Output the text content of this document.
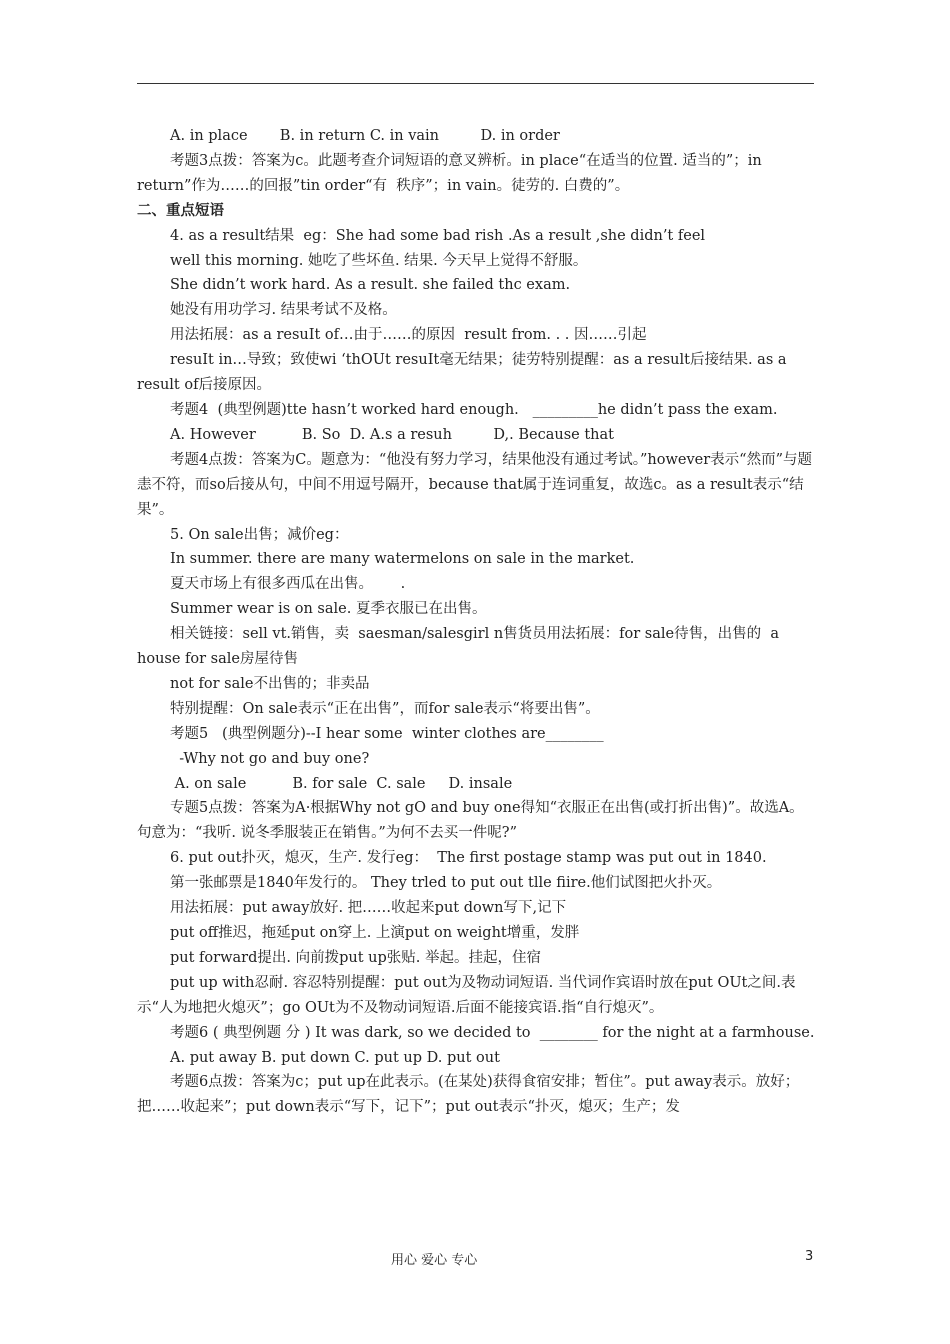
A. in place       B. in return C. in vain         D. in order

考题3点拨：答案为c。此题考查介词短语的意叉辨析。in place“在适当的位置. 适当的”；in return”作为……的回报”tin order“有  秩序”；in vain。徒劳的. 白费的”。

二、重点短语

4. as a result结果  eg：She had some bad rish .As a result ,she didn’t feel

well this morning. 她吃了些坏鱼. 结果. 今天早上觉得不舒服。

She didn’t work hard. As a result. she failed thc exam.

她没有用功学习. 结果考试不及格。

用法拓展：as a resuIt of…由于……的原因  result from. . . 因……引起

resuIt in…导致；致使wi ‘thOUt resuIt毫无结果；徒劳特别提醒：as a result后接结果. as a result of后接原因。

考题4  (典型例题)tte hasn’t worked hard enough.   _________he didn’t pass the exam.

A. However          B. So  D. A.s a resuh         D,. Because that

考题4点拨：答案为C。题意为：“他没有努力学习，结果他没有通过考试。”however表示“然而”与题恚不符，而so后接从句，中间不用逗号隔开，because that属于连词重复，故选c。as a result表示“结果”。

5. On sale出售；减价eg：

In summer. there are many watermelons on sale in the market.

夏天市场上有很多西瓜在出售。      .

Summer wear is on sale. 夏季衣服已在出售。

相关链接：sell vt.销售，卖  saesman/salesgirl n售货员用法拓展：for sale待售，出售的  a house for sale房屋待售

not for sale不出售的；非卖品

特别提醒：On sale表示“正在出售”，而for sale表示“将要出售”。

考题5   (典型例题分)--I hear some  winter clothes are________

-Why not go and buy one?

A. on sale          B. for sale  C. sale     D. insale

专题5点拨：答案为A·根据Why not gO and buy one得知“衣服正在出售(或打折出售)”。故选A。句意为：“我听. 说冬季服装正在销售。”为何不去买一件呢?”

6. put out扑灭，熄灭，生产. 发行eg：  The first postage stamp was put out in 1840.

第一张邮票是1840年发行的。 They trled to put out tlle fiire.他们试图把火扑灭。

用法拓展：put away放好. 把……收起来put down写下,记下

put off推迟，拖延put on穿上. 上演put on weight增重，发胖

put forward提出. 向前拨put up张贴. 举起。挂起，住宿

put up with忍耐. 容忍特别提醒：put out为及物动词短语. 当代词作宾语时放在put OUt之间.表示“人为地把火熄灭”；go OUt为不及物动词短语.后面不能接宾语.指“自行熄灭”。

考题6 ( 典型例题 分 ) It was dark, so we decided to  ________ for the night at a farmhouse.

A. put away B. put down C. put up D. put out

考题6点拨：答案为c；put up在此表示。(在某处)获得食宿安排；暂住”。put away表示。放好；把……收起来”；put down表示“写下，记下”；put out表示“扑灭，熄灭；生产；发

用心 爱心 专心	3
